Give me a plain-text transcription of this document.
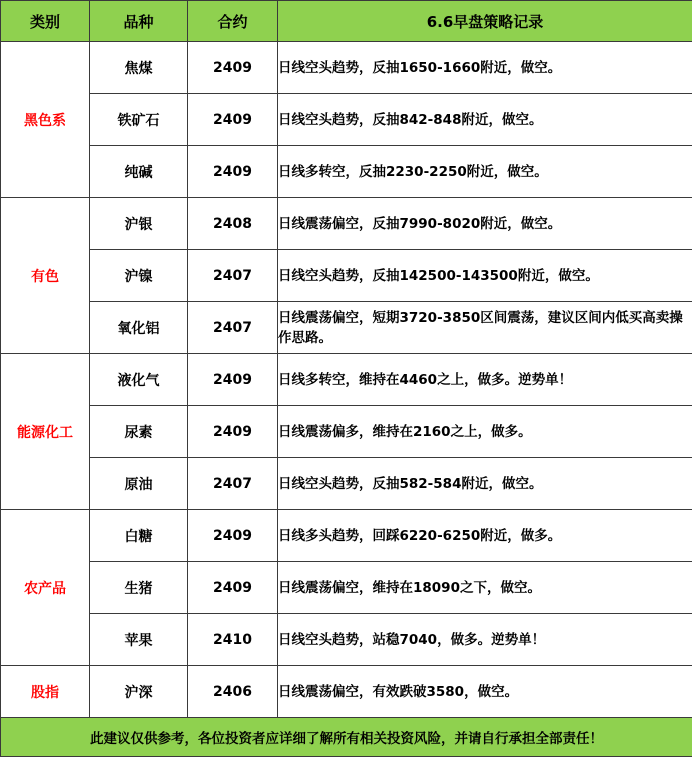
类别	品种	合约	6.6早盘策略记录
黑色系	焦煤	2409	日线空头趋势，反抽1650-1660附近，做空。
	铁矿石	2409	日线空头趋势，反抽842-848附近，做空。
	纯碱	2409	日线多转空，反抽2230-2250附近，做空。
有色	沪银	2408	日线震荡偏空，反抽7990-8020附近，做空。
	沪镍	2407	日线空头趋势，反抽142500-143500附近，做空。
	氧化铝	2407	日线震荡偏空，短期3720-3850区间震荡，建议区间内低买高卖操作思路。
能源化工	液化气	2409	日线多转空，维持在4460之上，做多。逆势单！
	尿素	2409	日线震荡偏多，维持在2160之上，做多。
	原油	2407	日线空头趋势，反抽582-584附近，做空。
农产品	白糖	2409	日线多头趋势，回踩6220-6250附近，做多。
	生猪	2409	日线震荡偏空，维持在18090之下，做空。
	苹果	2410	日线空头趋势，站稳7040，做多。逆势单！
股指	沪深	2406	日线震荡偏空，有效跌破3580，做空。
此建议仅供参考，各位投资者应详细了解所有相关投资风险，并请自行承担全部责任！			
